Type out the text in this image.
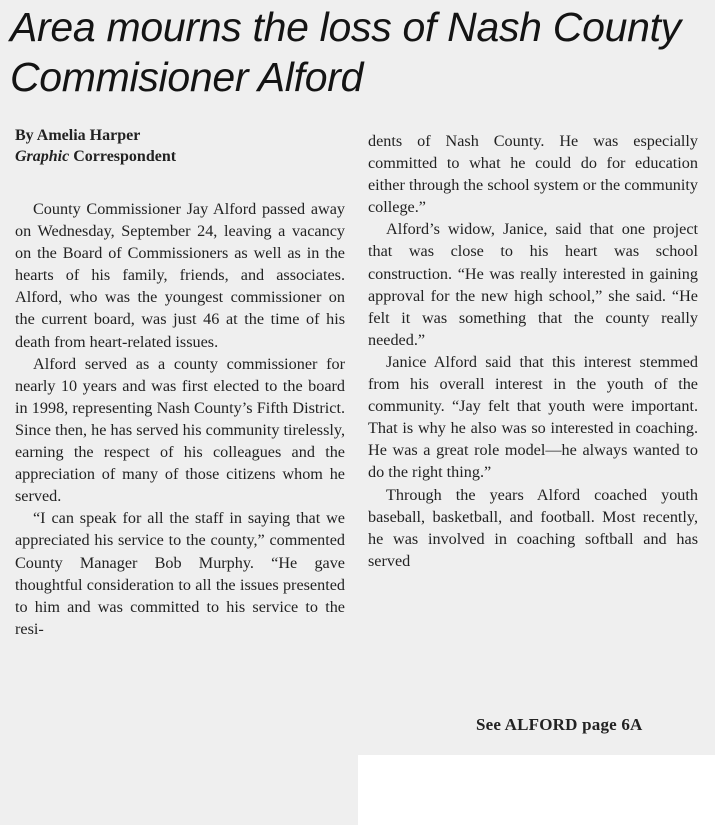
Area mourns the loss of Nash County Commisioner Alford
By Amelia Harper
Graphic Correspondent

County Commissioner Jay Alford passed away on Wednesday, September 24, leaving a vacancy on the Board of Commissioners as well as in the hearts of his family, friends, and associates. Alford, who was the youngest commissioner on the current board, was just 46 at the time of his death from heart-related issues.

Alford served as a county commissioner for nearly 10 years and was first elected to the board in 1998, representing Nash County’s Fifth District. Since then, he has served his community tirelessly, earning the respect of his colleagues and the appreciation of many of those citizens whom he served.

“I can speak for all the staff in saying that we appreciated his service to the county,” commented County Manager Bob Murphy. “He gave thoughtful consideration to all the issues presented to him and was committed to his service to the resi-

dents of Nash County. He was especially committed to what he could do for education either through the school system or the community college.”

Alford’s widow, Janice, said that one project that was close to his heart was school construction. “He was really interested in gaining approval for the new high school,” she said. “He felt it was something that the county really needed.”

Janice Alford said that this interest stemmed from his overall interest in the youth of the community. “Jay felt that youth were important. That is why he also was so interested in coaching. He was a great role model—he always wanted to do the right thing.”

Through the years Alford coached youth baseball, basketball, and football. Most recently, he was involved in coaching softball and has served

See ALFORD page 6A
